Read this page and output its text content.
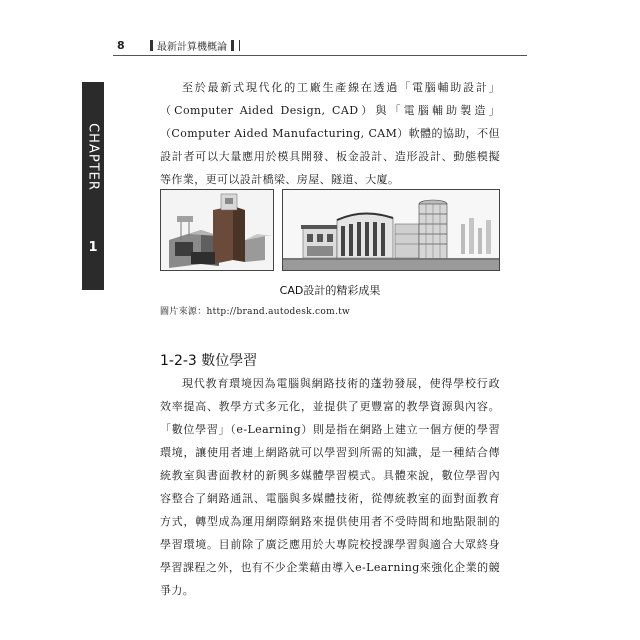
8	最新計算機概論
CHAPTER
1

至於最新式現代化的工廠生產線在透過「電腦輔助設計」（Computer Aided Design, CAD）與「電腦輔助製造」（Computer Aided Manufacturing, CAM）軟體的協助，不但設計者可以大量應用於模具開發、板金設計、造形設計、動態模擬等作業，更可以設計橋梁、房屋、隧道、大廈。

CAD設計的精彩成果
圖片來源：http://brand.autodesk.com.tw
1-2-3 數位學習

現代教育環境因為電腦與網路技術的蓬勃發展，使得學校行政效率提高、教學方式多元化，並提供了更豐富的教學資源與內容。「數位學習」（e-Learning）則是指在網路上建立一個方便的學習環境，讓使用者連上網路就可以學習到所需的知識，是一種結合傳統教室與書面教材的新興多媒體學習模式。具體來說，數位學習內容整合了網路通訊、電腦與多媒體技術，從傳統教室的面對面教育方式，轉型成為運用網際網路來提供使用者不受時間和地點限制的學習環境。目前除了廣泛應用於大專院校授課學習與適合大眾終身學習課程之外，也有不少企業藉由導入e-Learning來強化企業的競爭力。
